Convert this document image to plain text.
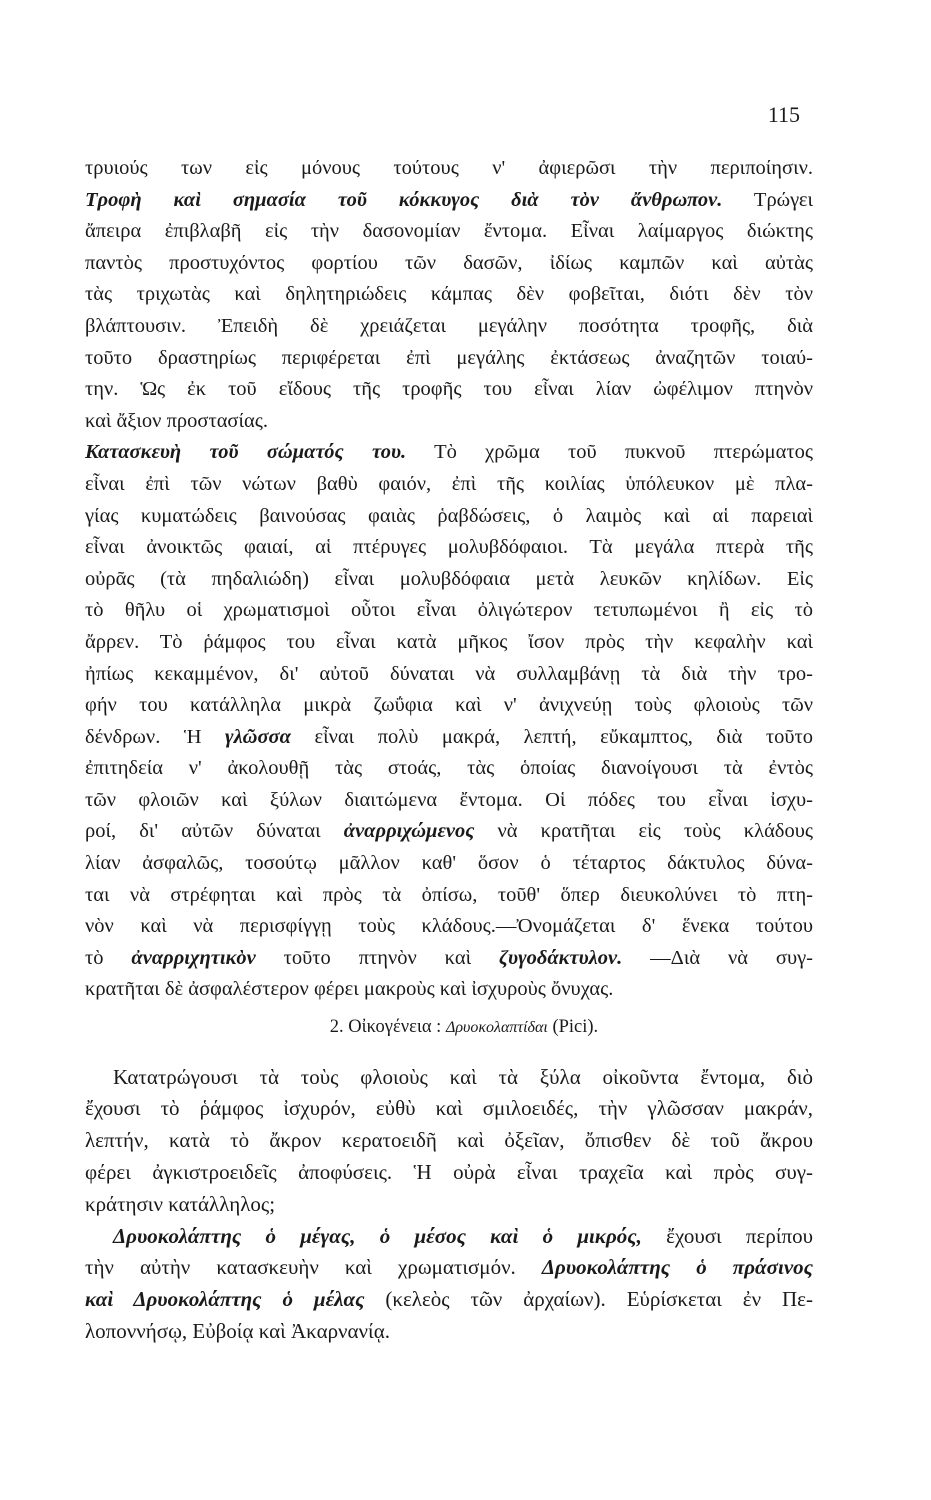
115
τρυιούς των εἰς μόνους τούτους ν' ἀφιερῶσι τὴν περιποίησιν.
Τροφὴ καὶ σημασία τοῦ κόκκυγος διὰ τὸν ἄνθρωπον. Τρώγει
ἄπειρα ἐπιβλαβῆ εἰς τὴν δασονομίαν ἔντομα. Εἶναι λαίμαργος διώκτης
παντὸς προστυχόντος φορτίου τῶν δασῶν, ἰδίως καμπῶν καὶ αὐτὰς
τὰς τριχωτὰς καὶ δηλητηριώδεις κάμπας δὲν φοβεῖται, διότι δὲν τὸν
βλάπτουσιν. Ἐπειδὴ δὲ χρειάζεται μεγάλην ποσότητα τροφῆς, διὰ
τοῦτο δραστηρίως περιφέρεται ἐπὶ μεγάλης ἐκτάσεως ἀναζητῶν τοιαύ-
την. Ὡς ἐκ τοῦ εἴδους τῆς τροφῆς του εἶναι λίαν ὠφέλιμον πτηνὸν
καὶ ἄξιον προστασίας.
Κατασκευὴ τοῦ σώματός του. Τὸ χρῶμα τοῦ πυκνοῦ πτερώματος
εἶναι ἐπὶ τῶν νώτων βαθὺ φαιόν, ἐπὶ τῆς κοιλίας ὑπόλευκον μὲ πλα-
γίας κυματώδεις βαινούσας φαιὰς ῥαβδώσεις, ὁ λαιμὸς καὶ αἱ παρειαὶ
εἶναι ἀνοικτῶς φαιαί, αἱ πτέρυγες μολυβδόφαιοι. Τὰ μεγάλα πτερὰ τῆς
οὐρᾶς (τὰ πηδαλιώδη) εἶναι μολυβδόφαια μετὰ λευκῶν κηλίδων. Εἰς
τὸ θῆλυ οἱ χρωματισμοὶ οὗτοι εἶναι ὀλιγώτερον τετυπωμένοι ἢ εἰς τὸ
ἄρρεν. Τὸ ῥάμφος του εἶναι κατὰ μῆκος ἴσον πρὸς τὴν κεφαλὴν καὶ
ἠπίως κεκαμμένον, δι' αὐτοῦ δύναται νὰ συλλαμβάνῃ τὰ διὰ τὴν τρο-
φήν του κατάλληλα μικρὰ ζωΰφια καὶ ν' ἀνιχνεύῃ τοὺς φλοιοὺς τῶν
δένδρων. Ἡ γλῶσσα εἶναι πολὺ μακρά, λεπτή, εὔκαμπτος, διὰ τοῦτο
ἐπιτηδεία ν' ἀκολουθῇ τὰς στοάς, τὰς ὁποίας διανοίγουσι τὰ ἐντὸς
τῶν φλοιῶν καὶ ξύλων διαιτώμενα ἔντομα. Οἱ πόδες του εἶναι ἰσχυ-
ροί, δι' αὐτῶν δύναται ἀναρριχώμενος νὰ κρατῆται εἰς τοὺς κλάδους
λίαν ἀσφαλῶς, τοσούτῳ μᾶλλον καθ' ὅσον ὁ τέταρτος δάκτυλος δύνα-
ται νὰ στρέφηται καὶ πρὸς τὰ ὀπίσω, τοῦθ' ὅπερ διευκολύνει τὸ πτη-
νὸν καὶ νὰ περισφίγγῃ τοὺς κλάδους.—Ὀνομάζεται δ' ἕνεκα τούτου
τὸ ἀναρριχητικὸν τοῦτο πτηνὸν καὶ ζυγοδάκτυλον. —Διὰ νὰ συγ-
κρατῆται δὲ ἀσφαλέστερον φέρει μακροὺς καὶ ἰσχυροὺς ὄνυχας.
2. Οἰκογένεια : Δρυοκολαπτίδαι (Pici).
Κατατρώγουσι τὰ τοὺς φλοιοὺς καὶ τὰ ξύλα οἰκοῦντα ἔντομα, διὸ
ἔχουσι τὸ ῥάμφος ἰσχυρόν, εὐθὺ καὶ σμιλοειδές, τὴν γλῶσσαν μακράν,
λεπτήν, κατὰ τὸ ἄκρον κερατοειδῆ καὶ ὀξεῖαν, ὄπισθεν δὲ τοῦ ἄκρου
φέρει ἀγκιστροειδεῖς ἀποφύσεις. Ἡ οὐρὰ εἶναι τραχεῖα καὶ πρὸς συγ-
κράτησιν κατάλληλος;
Δρυοκολάπτης ὁ μέγας, ὁ μέσος καὶ ὁ μικρός, ἔχουσι περίπου
τὴν αὐτὴν κατασκευὴν καὶ χρωματισμόν. Δρυοκολάπτης ὁ πράσινος
καὶ Δρυοκολάπτης ὁ μέλας (κελεὸς τῶν ἀρχαίων). Εὑρίσκεται ἐν Πε-
λοποννήσῳ, Εὐβοίᾳ καὶ Ἀκαρνανίᾳ.
